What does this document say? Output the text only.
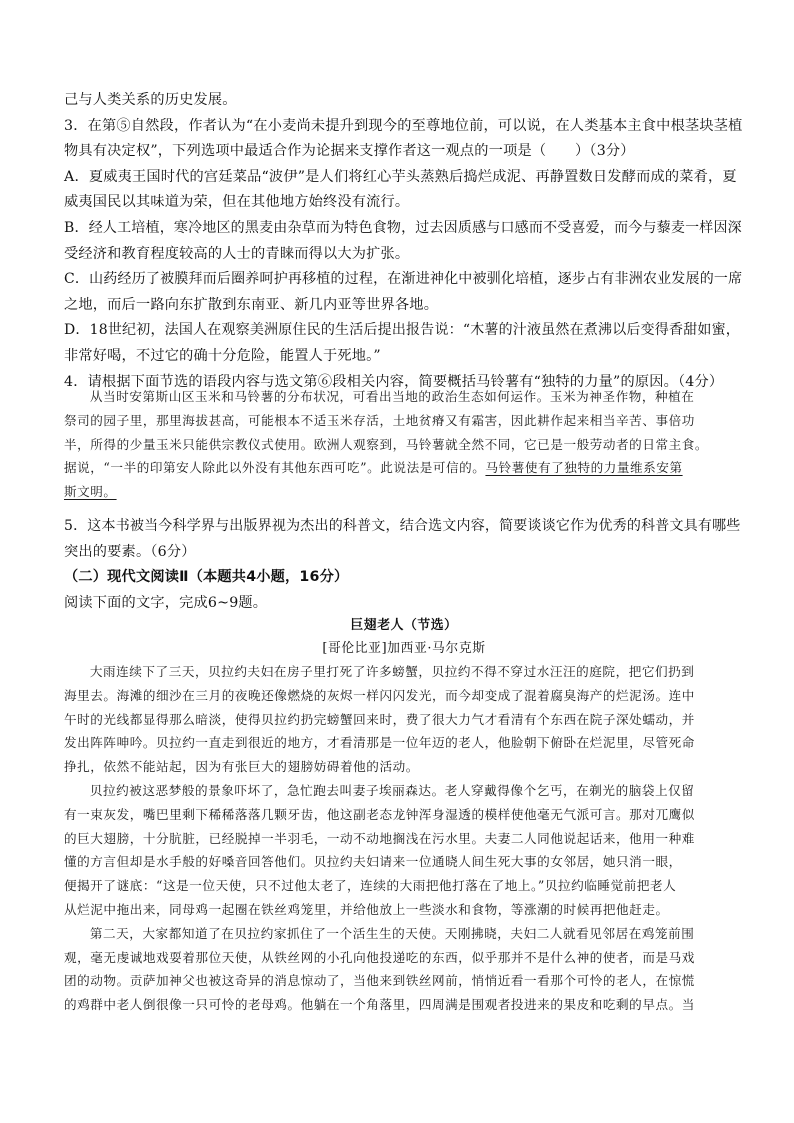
己与人类关系的历史发展。
3．在第⑤自然段，作者认为“在小麦尚未提升到现今的至尊地位前，可以说，在人类基本主食中根茎块茎植
物具有决定权”，下列选项中最适合作为论据来支撑作者这一观点的一项是（　　）（3分）
A．夏威夷王国时代的宫廷菜品“波伊”是人们将红心芋头蒸熟后捣烂成泥、再静置数日发酵而成的菜肴，夏
威夷国民以其味道为荣，但在其他地方始终没有流行。
B．经人工培植，寒冷地区的黑麦由杂草而为特色食物，过去因质感与口感而不受喜爱，而今与藜麦一样因深
受经济和教育程度较高的人士的青睐而得以大为扩张。
C．山药经历了被膜拜而后圈养呵护再移植的过程，在渐进神化中被驯化培植，逐步占有非洲农业发展的一席
之地，而后一路向东扩散到东南亚、新几内亚等世界各地。
D．18世纪初，法国人在观察美洲原住民的生活后提出报告说：“木薯的汁液虽然在煮沸以后变得香甜如蜜，
非常好喝，不过它的确十分危险，能置人于死地。”
4．请根据下面节选的语段内容与选文第⑥段相关内容，简要概括马铃薯有“独特的力量”的原因。（4分）
从当时安第斯山区玉米和马铃薯的分布状况，可看出当地的政治生态如何运作。玉米为神圣作物，种植在
祭司的园子里，那里海拔甚高，可能根本不适玉米存活，土地贫瘠又有霜害，因此耕作起来相当辛苦、事倍功
半，所得的少量玉米只能供宗教仪式使用。欧洲人观察到，马铃薯就全然不同，它已是一般劳动者的日常主食。
据说，“一半的印第安人除此以外没有其他东西可吃”。此说法是可信的。马铃薯使有了独特的力量维系安第
斯文明。
5．这本书被当今科学界与出版界视为杰出的科普文，结合选文内容，简要谈谈它作为优秀的科普文具有哪些
突出的要素。（6分）
（二）现代文阅读Ⅱ（本题共4小题，16分）
阅读下面的文字，完成6~9题。
巨翅老人（节选）
[哥伦比亚]加西亚·马尔克斯
大雨连续下了三天，贝拉约夫妇在房子里打死了许多螃蟹，贝拉约不得不穿过水汪汪的庭院，把它们扔到
海里去。海滩的细沙在三月的夜晚还像燃烧的灰烬一样闪闪发光，而今却变成了混着腐臭海产的烂泥汤。连中
午时的光线都显得那么暗淡，使得贝拉约扔完螃蟹回来时，费了很大力气才看清有个东西在院子深处蠕动，并
发出阵阵呻吟。贝拉约一直走到很近的地方，才看清那是一位年迈的老人，他脸朝下俯卧在烂泥里，尽管死命
挣扎，依然不能站起，因为有张巨大的翅膀妨碍着他的活动。
贝拉约被这恶梦般的景象吓坏了，急忙跑去叫妻子埃丽森达。老人穿戴得像个乞丐，在剃光的脑袋上仅留
有一束灰发，嘴巴里剩下稀稀落落几颗牙齿，他这副老态龙钟浑身湿透的模样使他毫无气派可言。那对兀鹰似
的巨大翅膀，十分肮脏，已经脱掉一半羽毛，一动不动地搁浅在污水里。夫妻二人同他说起话来，他用一种难
懂的方言但却是水手般的好嗓音回答他们。贝拉约夫妇请来一位通晓人间生死大事的女邻居，她只消一眼，
便揭开了谜底：“这是一位天使，只不过他太老了，连续的大雨把他打落在了地上。”贝拉约临睡觉前把老人
从烂泥中拖出来，同母鸡一起圈在铁丝鸡笼里，并给他放上一些淡水和食物，等涨潮的时候再把他赶走。
第二天，大家都知道了在贝拉约家抓住了一个活生生的天使。天刚拂晓，夫妇二人就看见邻居在鸡笼前围
观，毫无虔诚地戏耍着那位天使，从铁丝网的小孔向他投递吃的东西，似乎那并不是什么神的使者，而是马戏
团的动物。贡萨加神父也被这奇异的消息惊动了，当他来到铁丝网前，悄悄近看一看那个可怜的老人，在惊慌
的鸡群中老人倒很像一只可怜的老母鸡。他躺在一个角落里，四周满是围观者投进来的果皮和吃剩的早点。当
